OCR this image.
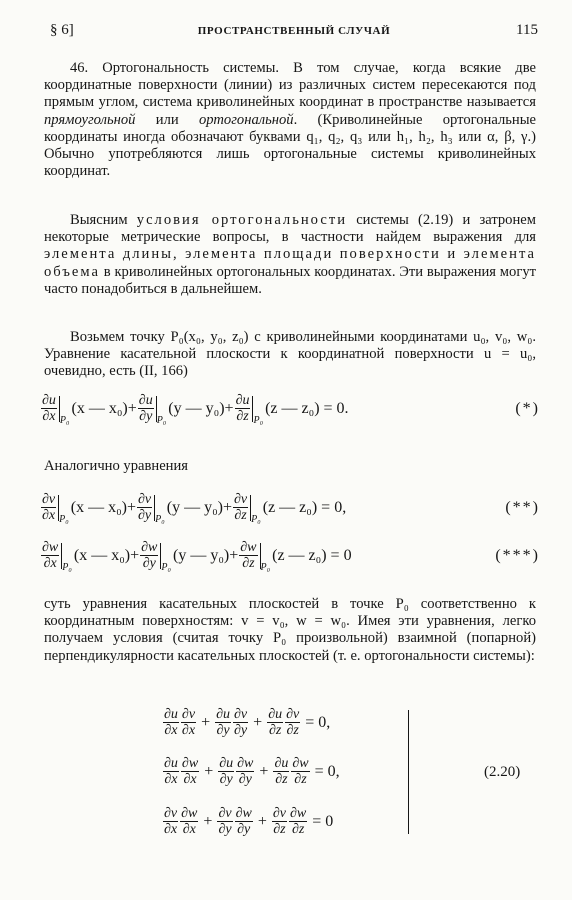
§ 6]	ПРОСТРАНСТВЕННЫЙ СЛУЧАЙ	115

46. Ортогональность системы. В том случае, когда всякие две координатные поверхности (линии) из различных систем пересекаются под прямым углом, система криволинейных координат в пространстве называется прямоугольной или ортогональной. (Криволинейные ортогональные координаты иногда обозначают буквами q₁, q₂, q₃ или h₁, h₂, h₃ или α, β, γ.) Обычно употребляются лишь ортогональные системы криволинейных координат.

Выясним условия ортогональности системы (2.19) и затронем некоторые метрические вопросы, в частности найдем выражения для элемента длины, элемента площади поверхности и элемента объема в криволинейных ортогональных координатах. Эти выражения могут часто понадобиться в дальнейшем.

Возьмем точку P₀(x₀, y₀, z₀) с криволинейными координатами u₀, v₀, w₀. Уравнение касательной плоскости к координатной поверхности u = u₀, очевидно, есть (II, 166)

$\frac{\partial u}{\partial x} P_0$
(x — $x_0)+ \frac{\partial u}{\partial y} P_0$
(y — $y_0)+ \frac{\partial u}{\partial z} P_0$
(z — z₀) = 0.	(*)

Аналогично уравнения

$\frac{\partial v}{\partial x} P_0$
(x — $x_0)+ \frac{\partial v}{\partial y} P_0$
(y — $y_0)+ \frac{\partial v}{\partial z} P_0$
(z — z₀) = 0,	(**)
$\frac{\partial w}{\partial x} P_0$
(x — $x_0)+ \frac{\partial w}{\partial y} P_0$
(y — $y_0)+ \frac{\partial w}{\partial z} P_0$
(z — z₀) = 0	(***)

суть уравнения касательных плоскостей в точке P₀ соответственно к координатным поверхностям: v = v₀, w = w₀. Имея эти уравнения, легко получаем условия (считая точку P₀ произвольной) взаимной (попарной) перпендикулярности касательных плоскостей (т. е. ортогональности системы):

$\frac{\partial u}{\partial x} \frac{\partial v}{\partial x} + \frac{\partial u}{\partial y} \frac{\partial v}{\partial y} + \frac{\partial u}{\partial z} \frac{\partial v}{\partial z}$
= 0,
$\frac{\partial u}{\partial x} \frac{\partial w}{\partial x} + \frac{\partial u}{\partial y} \frac{\partial w}{\partial y} + \frac{\partial u}{\partial z} \frac{\partial w}{\partial z}$
= 0,
$\frac{\partial v}{\partial x} \frac{\partial w}{\partial x} + \frac{\partial v}{\partial y} \frac{\partial w}{\partial y} + \frac{\partial v}{\partial z} \frac{\partial w}{\partial z}$
= 0
(2.20)
